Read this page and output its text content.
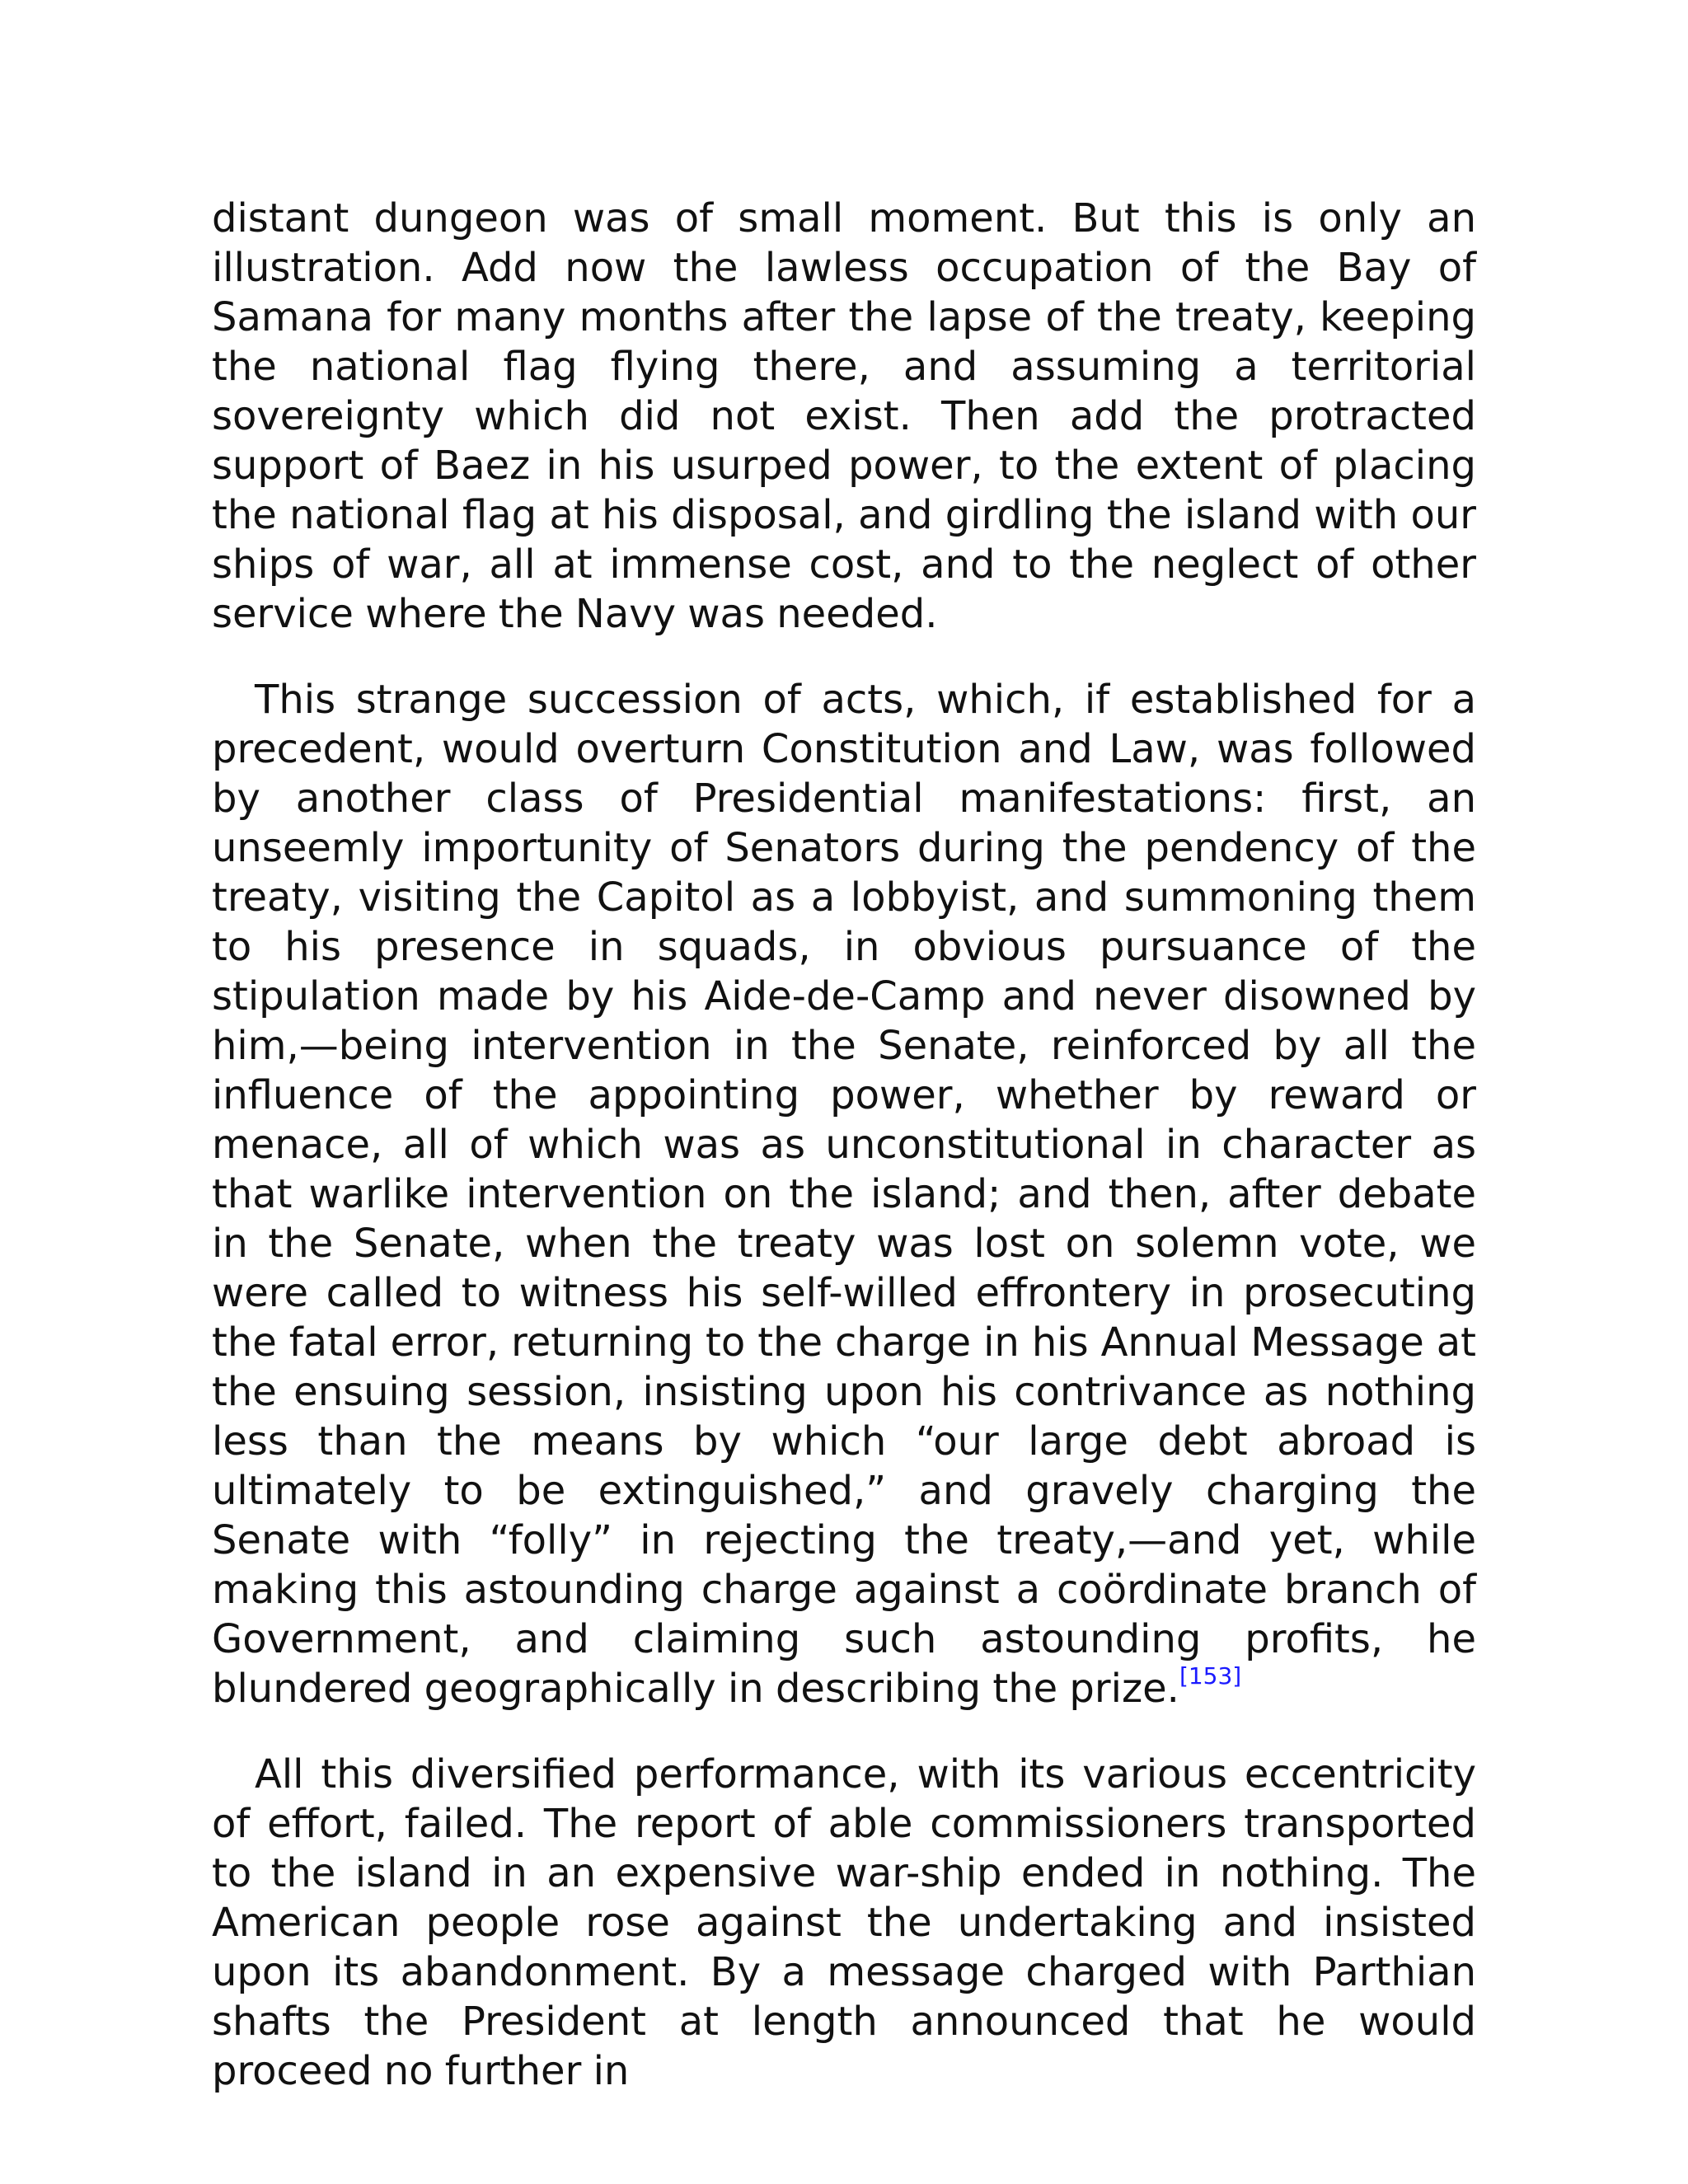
distant dungeon was of small moment. But this is only an illustration. Add now the lawless occupation of the Bay of Samana for many months after the lapse of the treaty, keeping the national flag flying there, and assuming a territorial sovereignty which did not exist. Then add the protracted support of Baez in his usurped power, to the extent of placing the national flag at his disposal, and girdling the island with our ships of war, all at immense cost, and to the neglect of other service where the Navy was needed.

This strange succession of acts, which, if established for a precedent, would overturn Constitution and Law, was followed by another class of Presidential manifestations: first, an unseemly importunity of Senators during the pendency of the treaty, visiting the Capitol as a lobbyist, and summoning them to his presence in squads, in obvious pursuance of the stipulation made by his Aide-de-Camp and never disowned by him,—being intervention in the Senate, reinforced by all the influence of the appointing power, whether by reward or menace, all of which was as unconstitutional in character as that warlike intervention on the island; and then, after debate in the Senate, when the treaty was lost on solemn vote, we were called to witness his self-willed effrontery in prosecuting the fatal error, returning to the charge in his Annual Message at the ensuing session, insisting upon his contrivance as nothing less than the means by which “our large debt abroad is ultimately to be extinguished,” and gravely charging the Senate with “folly” in rejecting the treaty,—and yet, while making this astounding charge against a coördinate branch of Government, and claiming such astounding profits, he blundered geographically in describing the prize.[153]

All this diversified performance, with its various eccentricity of effort, failed. The report of able commissioners transported to the island in an expensive war-ship ended in nothing. The American people rose against the undertaking and insisted upon its abandonment. By a message charged with Parthian shafts the President at length announced that he would proceed no further in
